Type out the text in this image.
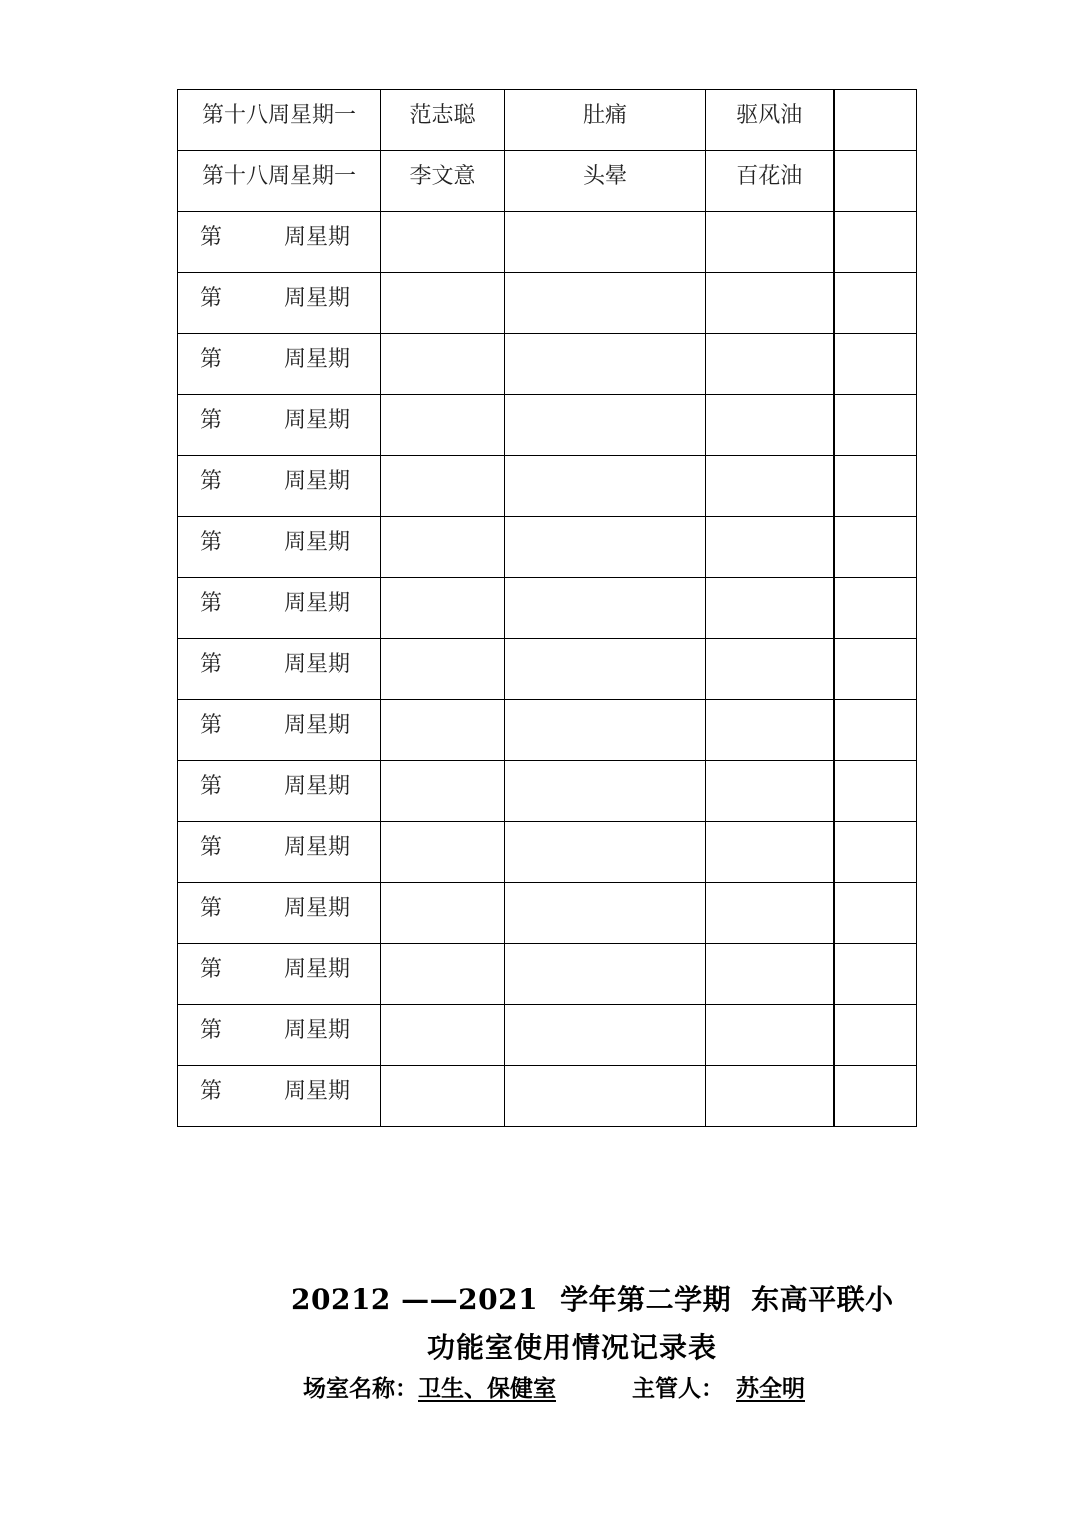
第十八周星期一	范志聪	肚痛	驱风油	

第十八周星期一	李文意	头晕	百花油	

第 周星期				

第 周星期				

第 周星期				

第 周星期				

第 周星期				

第 周星期				

第 周星期				

第 周星期				

第 周星期				

第 周星期				

第 周星期				

第 周星期				

第 周星期				

第 周星期				

第 周星期				

20212 ——2021 学年第二学期 东高平联小
功能室使用情况记录表
场室名称：卫生、保健室	主管人： 苏全明
